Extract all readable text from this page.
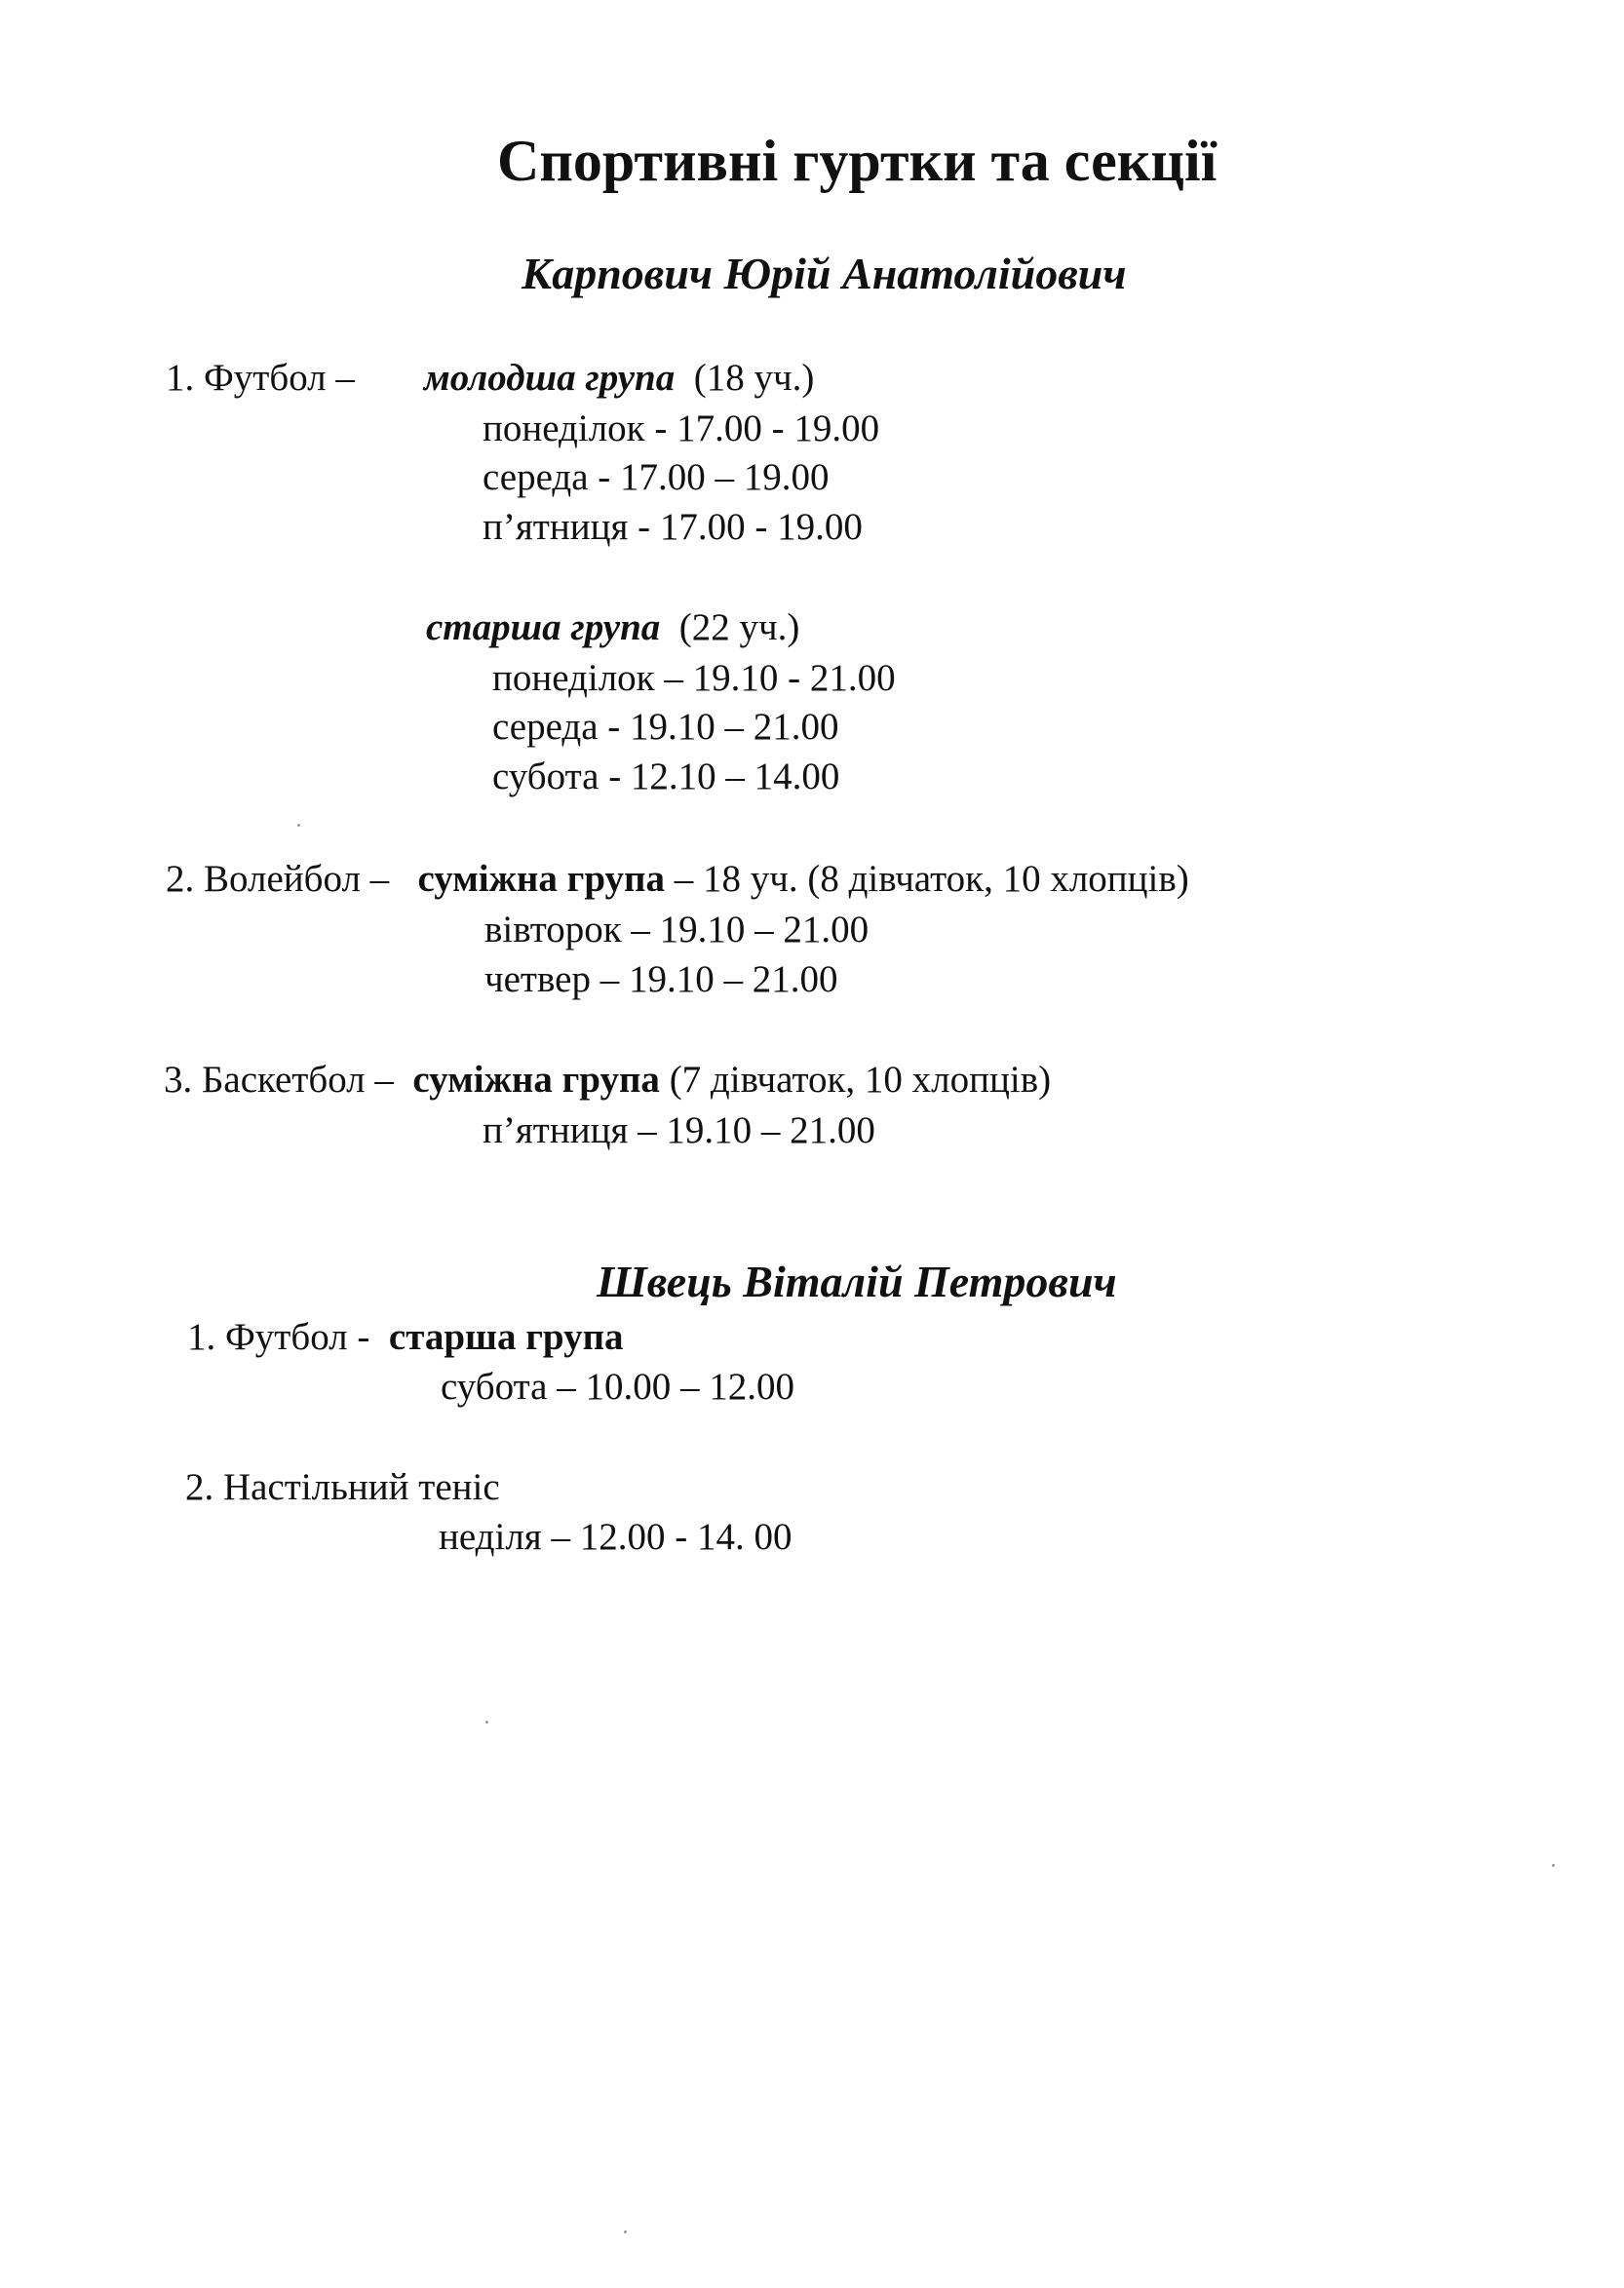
Спортивні гуртки та секції
Карпович Юрій Анатолійович
1. Футбол – молодша група (18 уч.)
понеділок - 17.00 - 19.00
середа - 17.00 – 19.00
п’ятниця - 17.00 - 19.00
старша група (22 уч.)
понеділок – 19.10 - 21.00
середа - 19.10 – 21.00
субота - 12.10 – 14.00
2. Волейбол – суміжна група – 18 уч. (8 дівчаток, 10 хлопців)
вівторок – 19.10 – 21.00
четвер – 19.10 – 21.00
3. Баскетбол – суміжна група (7 дівчаток, 10 хлопців)
п’ятниця – 19.10 – 21.00
Швець Віталій Петрович
1. Футбол - старша група
субота – 10.00 – 12.00
2. Настільний теніс
неділя – 12.00 - 14. 00
